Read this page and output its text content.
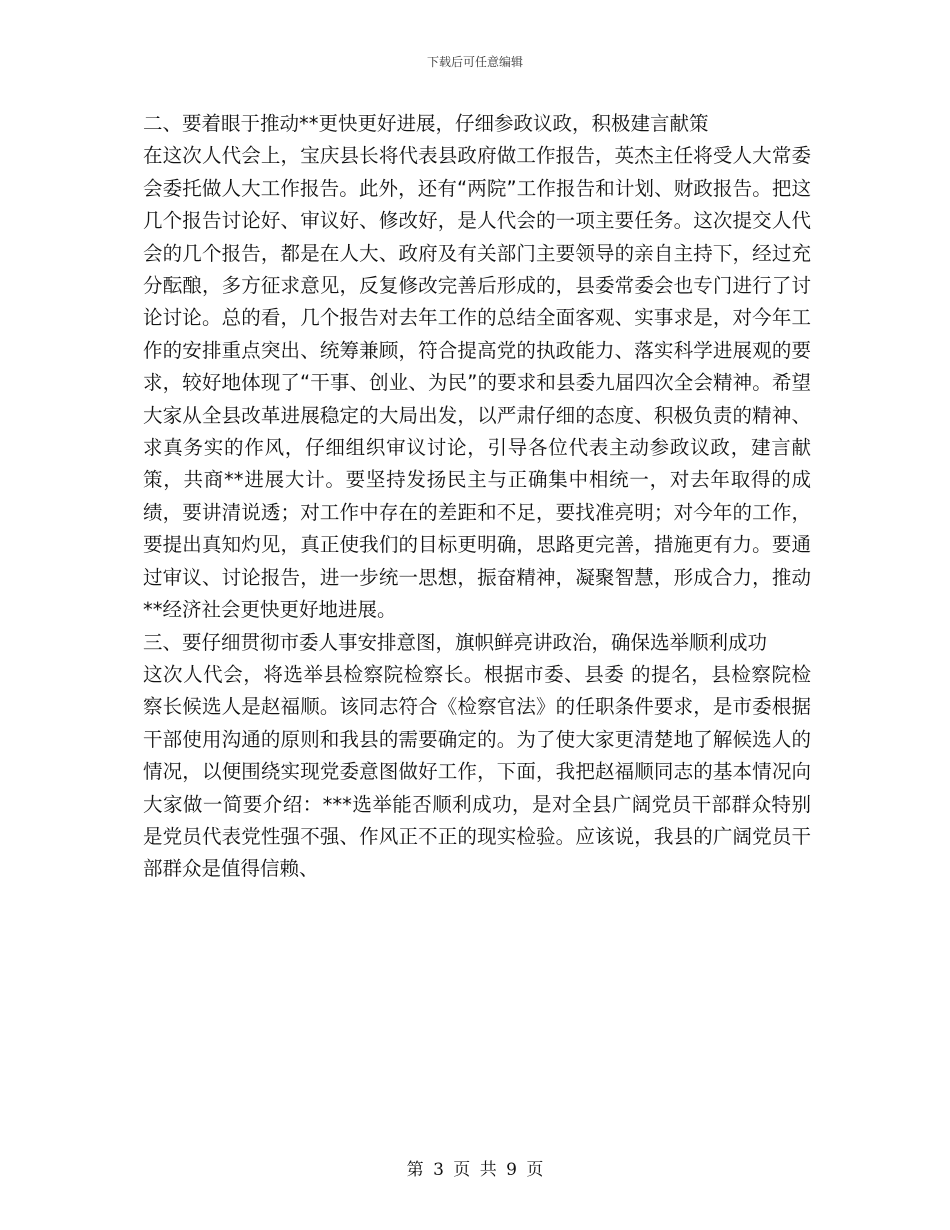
下载后可任意编辑

二、要着眼于推动**更快更好进展，仔细参政议政，积极建言献策

在这次人代会上，宝庆县长将代表县政府做工作报告，英杰主任将受人大常委会委托做人大工作报告。此外，还有“两院”工作报告和计划、财政报告。把这几个报告讨论好、审议好、修改好，是人代会的一项主要任务。这次提交人代会的几个报告，都是在人大、政府及有关部门主要领导的亲自主持下，经过充分酝酿，多方征求意见，反复修改完善后形成的，县委常委会也专门进行了讨论讨论。总的看，几个报告对去年工作的总结全面客观、实事求是，对今年工作的安排重点突出、统筹兼顾，符合提高党的执政能力、落实科学进展观的要求，较好地体现了“干事、创业、为民”的要求和县委九届四次全会精神。希望大家从全县改革进展稳定的大局出发，以严肃仔细的态度、积极负责的精神、求真务实的作风，仔细组织审议讨论，引导各位代表主动参政议政，建言献策，共商**进展大计。要坚持发扬民主与正确集中相统一，对去年取得的成绩，要讲清说透；对工作中存在的差距和不足，要找准亮明；对今年的工作，要提出真知灼见，真正使我们的目标更明确，思路更完善，措施更有力。要通过审议、讨论报告，进一步统一思想，振奋精神，凝聚智慧，形成合力，推动**经济社会更快更好地进展。

三、要仔细贯彻市委人事安排意图，旗帜鲜亮讲政治，确保选举顺利成功

这次人代会，将选举县检察院检察长。根据市委、县委 的提名，县检察院检察长候选人是赵福顺。该同志符合《检察官法》的任职条件要求，是市委根据干部使用沟通的原则和我县的需要确定的。为了使大家更清楚地了解候选人的情况，以便围绕实现党委意图做好工作，下面，我把赵福顺同志的基本情况向大家做一简要介绍：***选举能否顺利成功，是对全县广阔党员干部群众特别是党员代表党性强不强、作风正不正的现实检验。应该说，我县的广阔党员干部群众是值得信赖、

第 3 页 共 9 页
